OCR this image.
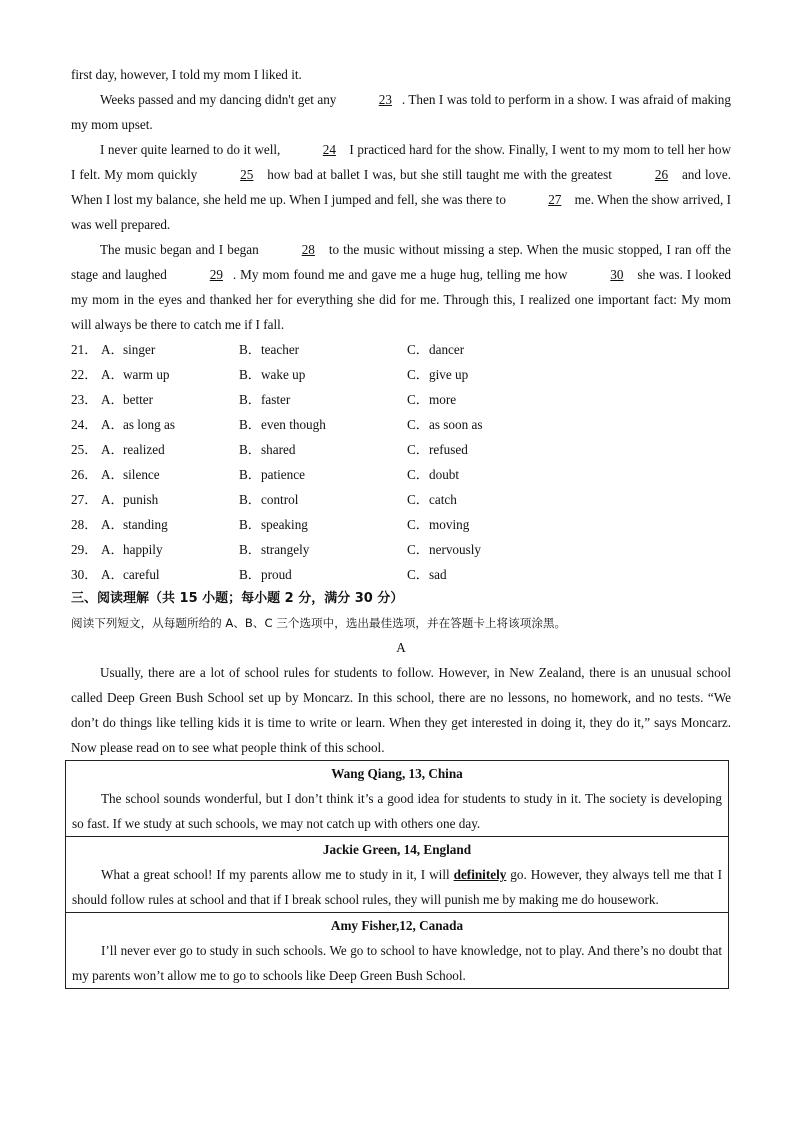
first day, however, I told my mom I liked it.

Weeks passed and my dancing didn't get any	23 . Then I was told to perform in a show. I was afraid of making my mom upset.

I never quite learned to do it well,	24 I practiced hard for the show. Finally, I went to my mom to tell her how I felt. My mom quickly	25 how bad at ballet I was, but she still taught me with the greatest	26 and love. When I lost my balance, she held me up. When I jumped and fell, she was there to	27 me. When the show arrived, I was well prepared.

The music began and I began	28 to the music without missing a step. When the music stopped, I ran off the stage and laughed	29 . My mom found me and gave me a huge hug, telling me how	30 she was. I looked my mom in the eyes and thanked her for everything she did for me. Through this, I realized one important fact: My mom will always be there to catch me if I fall.

21． A．singer	B．teacher	C．dancer
22． A．warm up	B．wake up	C．give up
23． A．better	B．faster	C．more
24． A．as long as	B．even though	C．as soon as
25． A．realized	B．shared	C．refused
26． A．silence	B．patience	C．doubt
27． A．punish	B．control	C．catch
28． A．standing	B．speaking	C．moving
29． A．happily	B．strangely	C．nervously
30． A．careful	B．proud	C．sad
三、阅读理解（共 15 小题；每小题 2 分，满分 30 分）
阅读下列短文，从每题所给的 A、B、C 三个选项中，选出最佳选项，并在答题卡上将该项涂黑。
A

Usually, there are a lot of school rules for students to follow. However, in New Zealand, there is an unusual school called Deep Green Bush School set up by Moncarz. In this school, there are no lessons, no homework, and no tests. “We don’t do things like telling kids it is time to write or learn. When they get interested in doing it, they do it,” says Moncarz. Now please read on to see what people think of this school.

Wang Qiang, 13, China

The school sounds wonderful, but I don’t think it’s a good idea for students to study in it. The society is developing so fast. If we study at such schools, we may not catch up with others one day.

Jackie Green, 14, England

What a great school! If my parents allow me to study in it, I will definitely go. However, they always tell me that I should follow rules at school and that if I break school rules, they will punish me by making me do housework.

Amy Fisher,12, Canada

I’ll never ever go to study in such schools. We go to school to have knowledge, not to play. And there’s no doubt that my parents won’t allow me to go to schools like Deep Green Bush School.
